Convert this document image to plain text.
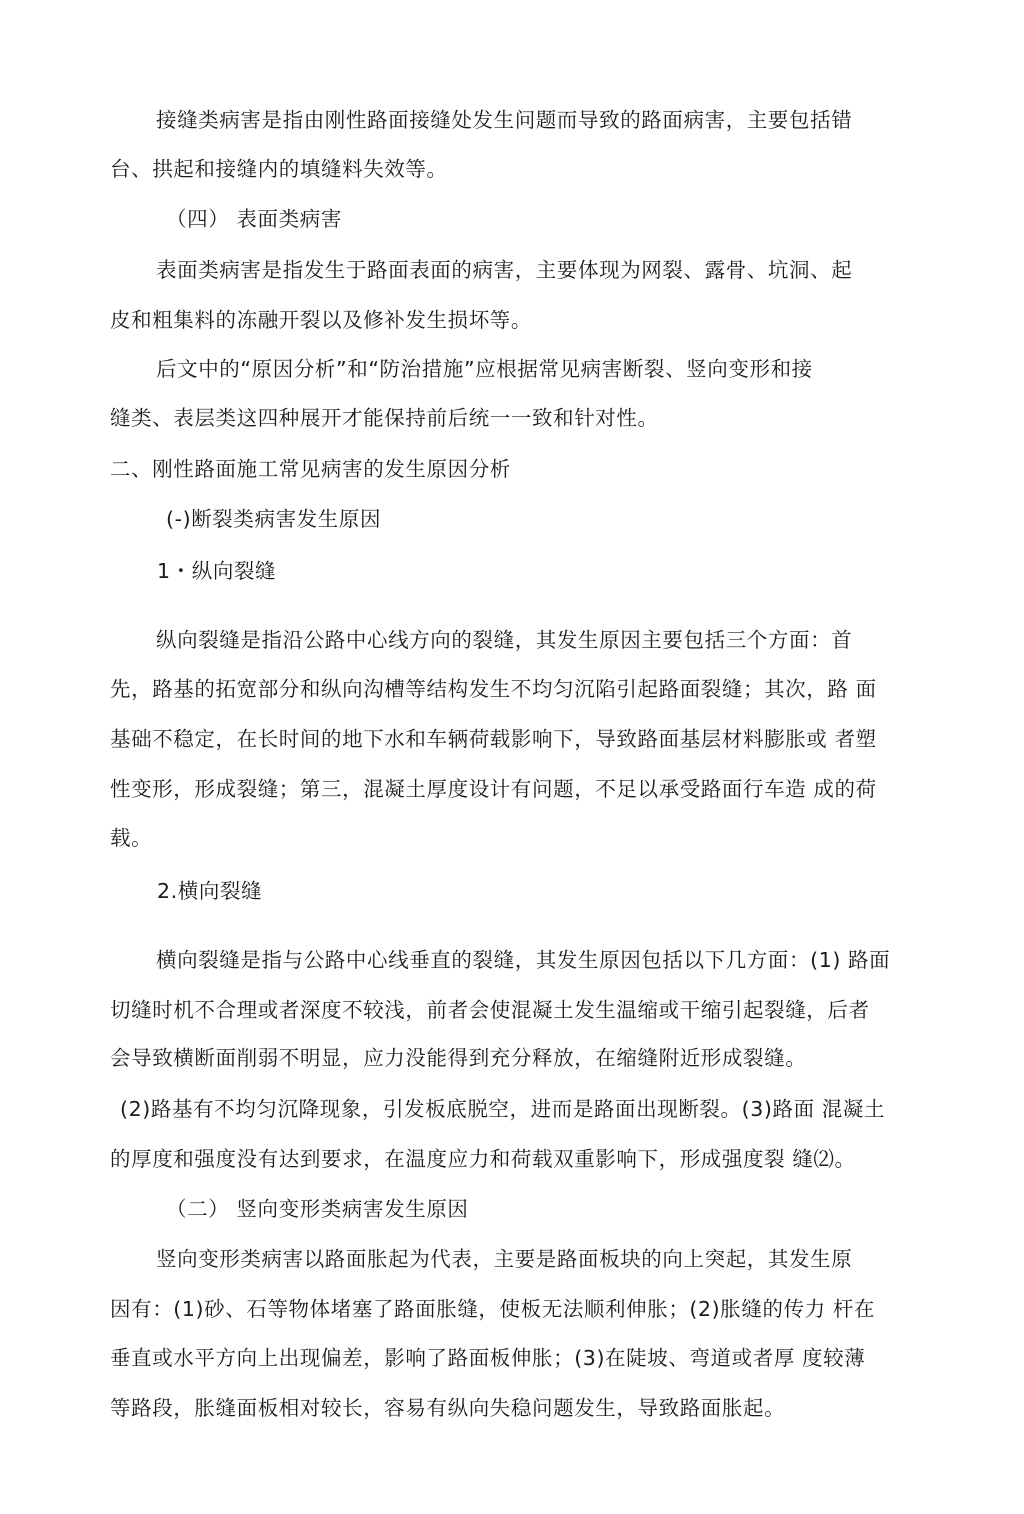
接缝类病害是指由刚性路面接缝处发生问题而导致的路面病害，主要包括错
台、拱起和接缝内的填缝料失效等。
（四） 表面类病害
表面类病害是指发生于路面表面的病害，主要体现为网裂、露骨、坑洞、起
皮和粗集料的冻融开裂以及修补发生损坏等。
后文中的“原因分析”和“防治措施”应根据常见病害断裂、竖向变形和接
缝类、表层类这四种展开才能保持前后统一一致和针对性。
二、刚性路面施工常见病害的发生原因分析
(-)断裂类病害发生原因
1・纵向裂缝
纵向裂缝是指沿公路中心线方向的裂缝，其发生原因主要包括三个方面：首
先，路基的拓宽部分和纵向沟槽等结构发生不均匀沉陷引起路面裂缝；其次，路 面
基础不稳定，在长时间的地下水和车辆荷载影响下，导致路面基层材料膨胀或 者塑
性变形，形成裂缝；第三，混凝土厚度设计有问题，不足以承受路面行车造 成的荷
载。
2.横向裂缝
横向裂缝是指与公路中心线垂直的裂缝，其发生原因包括以下几方面：(1) 路面
切缝时机不合理或者深度不较浅，前者会使混凝土发生温缩或干缩引起裂缝，后者
会导致横断面削弱不明显，应力没能得到充分释放，在缩缝附近形成裂缝。
(2)路基有不均匀沉降现象，引发板底脱空，进而是路面出现断裂。(3)路面 混凝土
的厚度和强度没有达到要求，在温度应力和荷载双重影响下，形成强度裂 缝⑵。
（二） 竖向变形类病害发生原因
竖向变形类病害以路面胀起为代表，主要是路面板块的向上突起，其发生原
因有：(1)砂、石等物体堵塞了路面胀缝，使板无法顺利伸胀；(2)胀缝的传力 杆在
垂直或水平方向上出现偏差，影响了路面板伸胀；(3)在陡坡、弯道或者厚 度较薄
等路段，胀缝面板相对较长，容易有纵向失稳问题发生，导致路面胀起。
